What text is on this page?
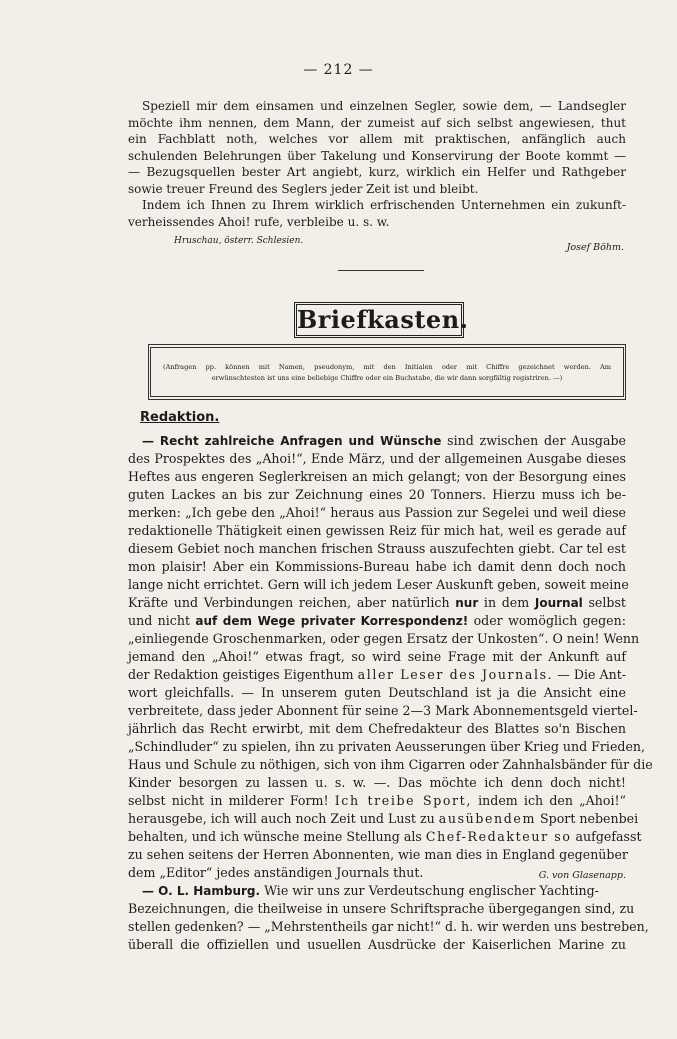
— 212 —
Speziell mir dem einsamen und einzelnen Segler, sowie dem, — Landsegler
möchte ihm nennen, dem Mann, der zumeist auf sich selbst angewiesen, thut
ein Fachblatt noth, welches vor allem mit praktischen, anfänglich auch
schulenden Belehrungen über Takelung und Konservirung der Boote kommt —
— Bezugsquellen bester Art angiebt, kurz, wirklich ein Helfer und Rathgeber
sowie treuer Freund des Seglers jeder Zeit ist und bleibt.
Indem ich Ihnen zu Ihrem wirklich erfrischenden Unternehmen ein zukunft-
verheissendes Ahoi! rufe, verbleibe u. s. w.
Hruschau, österr. Schlesien.
Josef Böhm.
Briefkasten.
(Anfragen pp. können mit Namen, pseudonym, mit den Initialen oder mit Chiffre gezeichnet werden. Am
erwünschtesten ist uns eine beliebige Chiffre oder ein Buchstabe, die wir dann sorgfältig registriren. —)
Redaktion.
— Recht zahlreiche Anfragen und Wünsche sind zwischen der Ausgabe
des Prospektes des „Ahoi!“, Ende März, und der allgemeinen Ausgabe dieses
Heftes aus engeren Seglerkreisen an mich gelangt; von der Besorgung eines
guten Lackes an bis zur Zeichnung eines 20 Tonners. Hierzu muss ich be-
merken: „Ich gebe den „Ahoi!“ heraus aus Passion zur Segelei und weil diese
redaktionelle Thätigkeit einen gewissen Reiz für mich hat, weil es gerade auf
diesem Gebiet noch manchen frischen Strauss auszufechten giebt. Car tel est
mon plaisir! Aber ein Kommissions-Bureau habe ich damit denn doch noch
lange nicht errichtet. Gern will ich jedem Leser Auskunft geben, soweit meine
Kräfte und Verbindungen reichen, aber natürlich nur in dem Journal selbst
und nicht auf dem Wege privater Korrespondenz! oder womöglich gegen:
„einliegende Groschenmarken, oder gegen Ersatz der Unkosten“. O nein! Wenn
jemand den „Ahoi!“ etwas fragt, so wird seine Frage mit der Ankunft auf
der Redaktion geistiges Eigenthum aller Leser des Journals. — Die Ant-
wort gleichfalls. — In unserem guten Deutschland ist ja die Ansicht eine
verbreitete, dass jeder Abonnent für seine 2—3 Mark Abonnementsgeld viertel-
jährlich das Recht erwirbt, mit dem Chefredakteur des Blattes so'n Bischen
„Schindluder“ zu spielen, ihn zu privaten Aeusserungen über Krieg und Frieden,
Haus und Schule zu nöthigen, sich von ihm Cigarren oder Zahnhalsbänder für die
Kinder besorgen zu lassen u. s. w. —. Das möchte ich denn doch nicht!
selbst nicht in milderer Form! Ich treibe Sport, indem ich den „Ahoi!“
herausgebe, ich will auch noch Zeit und Lust zu ausübendem Sport nebenbei
behalten, und ich wünsche meine Stellung als Chef-Redakteur so aufgefasst
zu sehen seitens der Herren Abonnenten, wie man dies in England gegenüber
dem „Editor“ jedes anständigen Journals thut.	G. von Glasenapp.
— O. L. Hamburg. Wie wir uns zur Verdeutschung englischer Yachting-
Bezeichnungen, die theilweise in unsere Schriftsprache übergegangen sind, zu
stellen gedenken? — „Mehrstentheils gar nicht!“ d. h. wir werden uns bestreben,
überall die offiziellen und usuellen Ausdrücke der Kaiserlichen Marine zu
